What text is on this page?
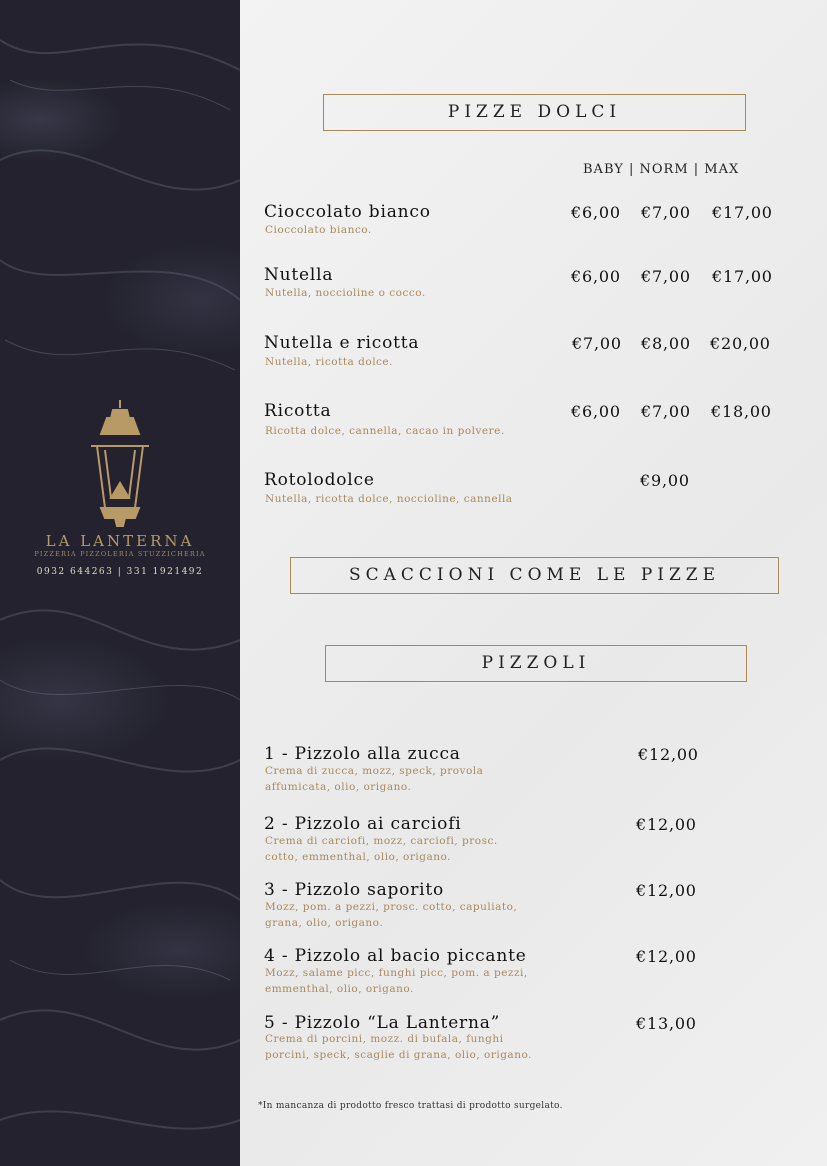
LA LANTERNA
PIZZERIA PIZZOLERIA STUZZICHERIA
0932 644263 | 331 1921492
PIZZE DOLCI
BABY | NORM | MAX
Cioccolato bianco
Cioccolato bianco.
€6,00 €7,00 €17,00
Nutella
Nutella, noccioline o cocco.
€6,00 €7,00 €17,00
Nutella e ricotta
Nutella, ricotta dolce.
€7,00 €8,00 €20,00
Ricotta
Ricotta dolce, cannella, cacao in polvere.
€6,00 €7,00 €18,00
Rotolodolce
Nutella, ricotta dolce, noccioline, cannella
€9,00
SCACCIONI COME LE PIZZE
PIZZOLI
1 - Pizzolo alla zucca
Crema di zucca, mozz, speck, provola
affumicata, olio, origano.
€12,00
2 - Pizzolo ai carciofi
Crema di carciofi, mozz, carciofi, prosc.
cotto, emmenthal, olio, origano.
€12,00
3 - Pizzolo saporito
Mozz, pom. a pezzi, prosc. cotto, capuliato,
grana, olio, origano.
€12,00
4 - Pizzolo al bacio piccante
Mozz, salame picc, funghi picc, pom. a pezzi,
emmenthal, olio, origano.
€12,00
5 - Pizzolo “La Lanterna”
Crema di porcini, mozz. di bufala, funghi
porcini, speck, scaglie di grana, olio, origano.
€13,00
*In mancanza di prodotto fresco trattasi di prodotto surgelato.
